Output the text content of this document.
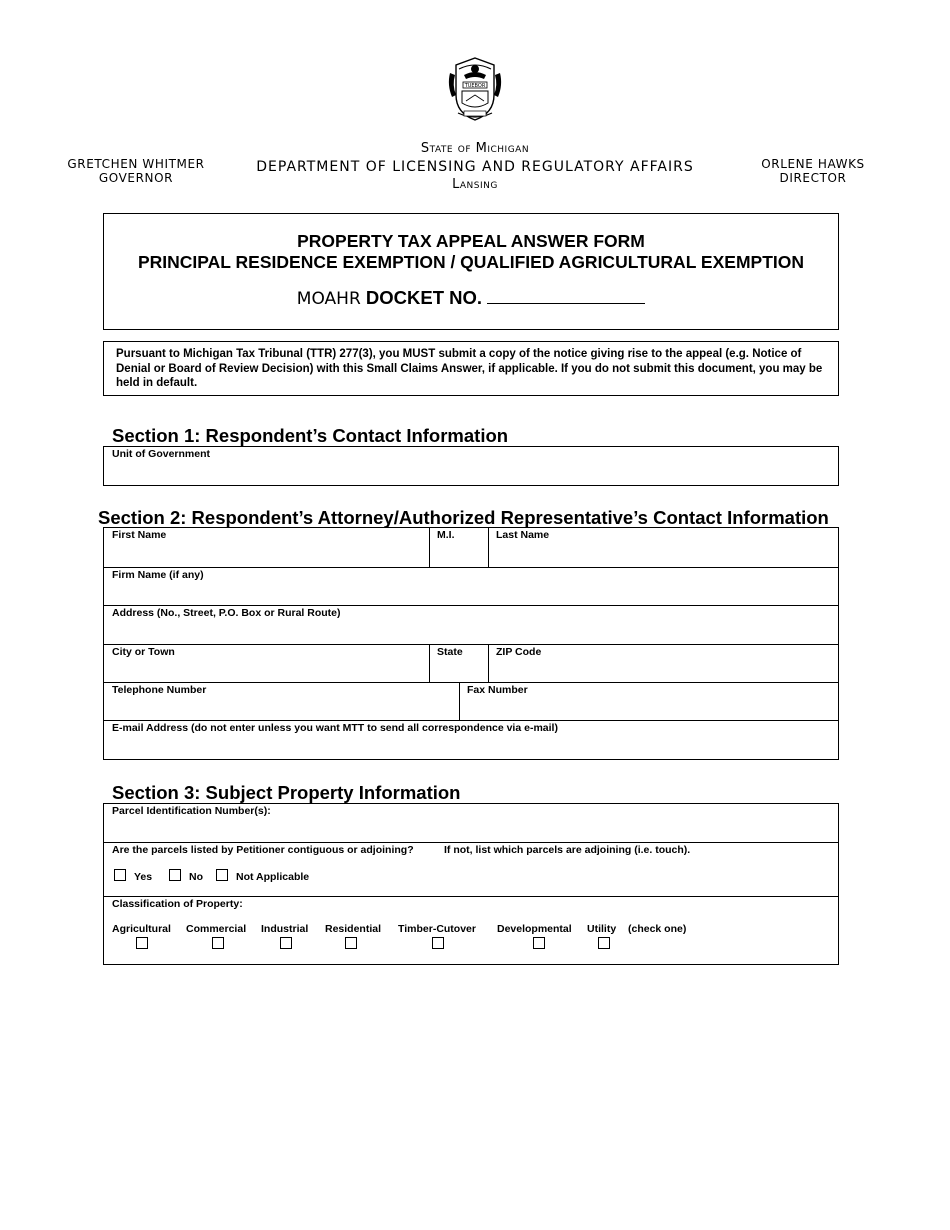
TUEBOR
GRETCHEN WHITMER
GOVERNOR
State of Michigan
DEPARTMENT OF LICENSING AND REGULATORY AFFAIRS
Lansing
ORLENE HAWKS
DIRECTOR
PROPERTY TAX APPEAL ANSWER FORM
PRINCIPAL RESIDENCE EXEMPTION / QUALIFIED AGRICULTURAL EXEMPTION
MOAHR DOCKET NO.
Pursuant to Michigan Tax Tribunal (TTR) 277(3), you MUST submit a copy of the notice giving rise to the appeal (e.g. Notice of Denial or Board of Review Decision) with this Small Claims Answer, if applicable. If you do not submit this document, you may be held in default.
Section 1: Respondent’s Contact Information
Unit of Government
Section 2: Respondent’s Attorney/Authorized Representative’s Contact Information
First Name	M.I.	Last Name
Firm Name (if any)
Address (No., Street, P.O. Box or Rural Route)
City or Town	State	ZIP Code
Telephone Number	Fax Number
E-mail Address (do not enter unless you want MTT to send all correspondence via e-mail)
Section 3: Subject Property Information
Parcel Identification Number(s):
Are the parcels listed by Petitioner contiguous or adjoining?	If not, list which parcels are adjoining (i.e. touch).
Yes	No	Not Applicable
Classification of Property:
Agricultural Commercial Industrial Residential Timber-Cutover Developmental Utility (check one)
